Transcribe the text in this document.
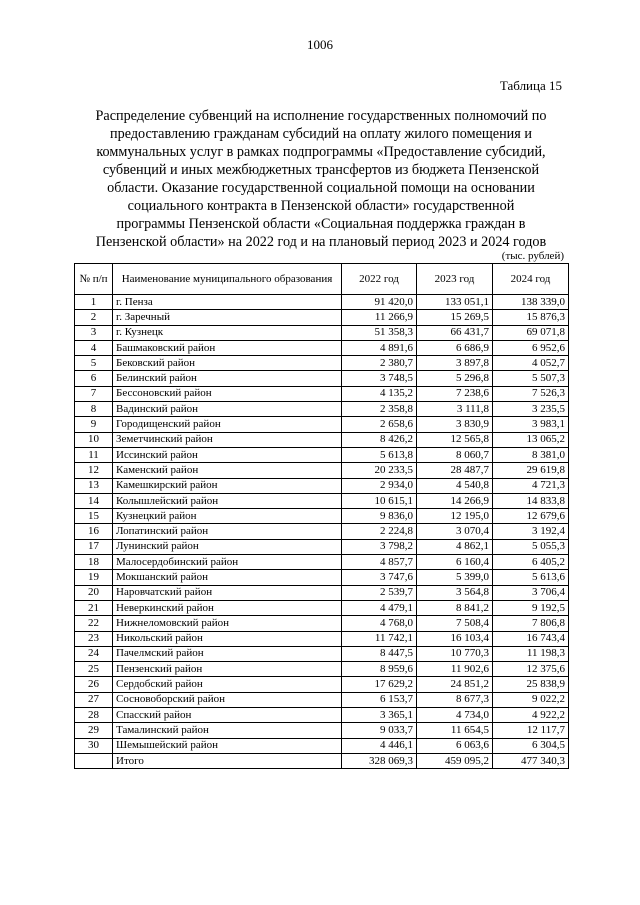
1006
Таблица 15
Распределение субвенций на исполнение государственных полномочий по
предоставлению гражданам субсидий на оплату жилого помещения и
коммунальных услуг в рамках подпрограммы «Предоставление субсидий,
субвенций и иных межбюджетных трансфертов из бюджета Пензенской
области. Оказание государственной социальной помощи на основании
социального контракта в Пензенской области» государственной
программы Пензенской области «Социальная поддержка граждан в
Пензенской области» на 2022 год и на плановый период 2023 и 2024 годов
(тыс. рублей)
№ п/п	Наименование муниципального образования	2022 год	2023 год	2024 год
1	г. Пенза	91 420,0	133 051,1	138 339,0
2	г. Заречный	11 266,9	15 269,5	15 876,3
3	г. Кузнецк	51 358,3	66 431,7	69 071,8
4	Башмаковский район	4 891,6	6 686,9	6 952,6
5	Бековский район	2 380,7	3 897,8	4 052,7
6	Белинский район	3 748,5	5 296,8	5 507,3
7	Бессоновский район	4 135,2	7 238,6	7 526,3
8	Вадинский район	2 358,8	3 111,8	3 235,5
9	Городищенский район	2 658,6	3 830,9	3 983,1
10	Земетчинский район	8 426,2	12 565,8	13 065,2
11	Иссинский район	5 613,8	8 060,7	8 381,0
12	Каменский район	20 233,5	28 487,7	29 619,8
13	Камешкирский район	2 934,0	4 540,8	4 721,3
14	Колышлейский район	10 615,1	14 266,9	14 833,8
15	Кузнецкий район	9 836,0	12 195,0	12 679,6
16	Лопатинский район	2 224,8	3 070,4	3 192,4
17	Лунинский район	3 798,2	4 862,1	5 055,3
18	Малосердобинский район	4 857,7	6 160,4	6 405,2
19	Мокшанский район	3 747,6	5 399,0	5 613,6
20	Наровчатский район	2 539,7	3 564,8	3 706,4
21	Неверкинский район	4 479,1	8 841,2	9 192,5
22	Нижнеломовский район	4 768,0	7 508,4	7 806,8
23	Никольский район	11 742,1	16 103,4	16 743,4
24	Пачелмский район	8 447,5	10 770,3	11 198,3
25	Пензенский район	8 959,6	11 902,6	12 375,6
26	Сердобский район	17 629,2	24 851,2	25 838,9
27	Сосновоборский район	6 153,7	8 677,3	9 022,2
28	Спасский район	3 365,1	4 734,0	4 922,2
29	Тамалинский район	9 033,7	11 654,5	12 117,7
30	Шемышейский район	4 446,1	6 063,6	6 304,5
	Итого	328 069,3	459 095,2	477 340,3
